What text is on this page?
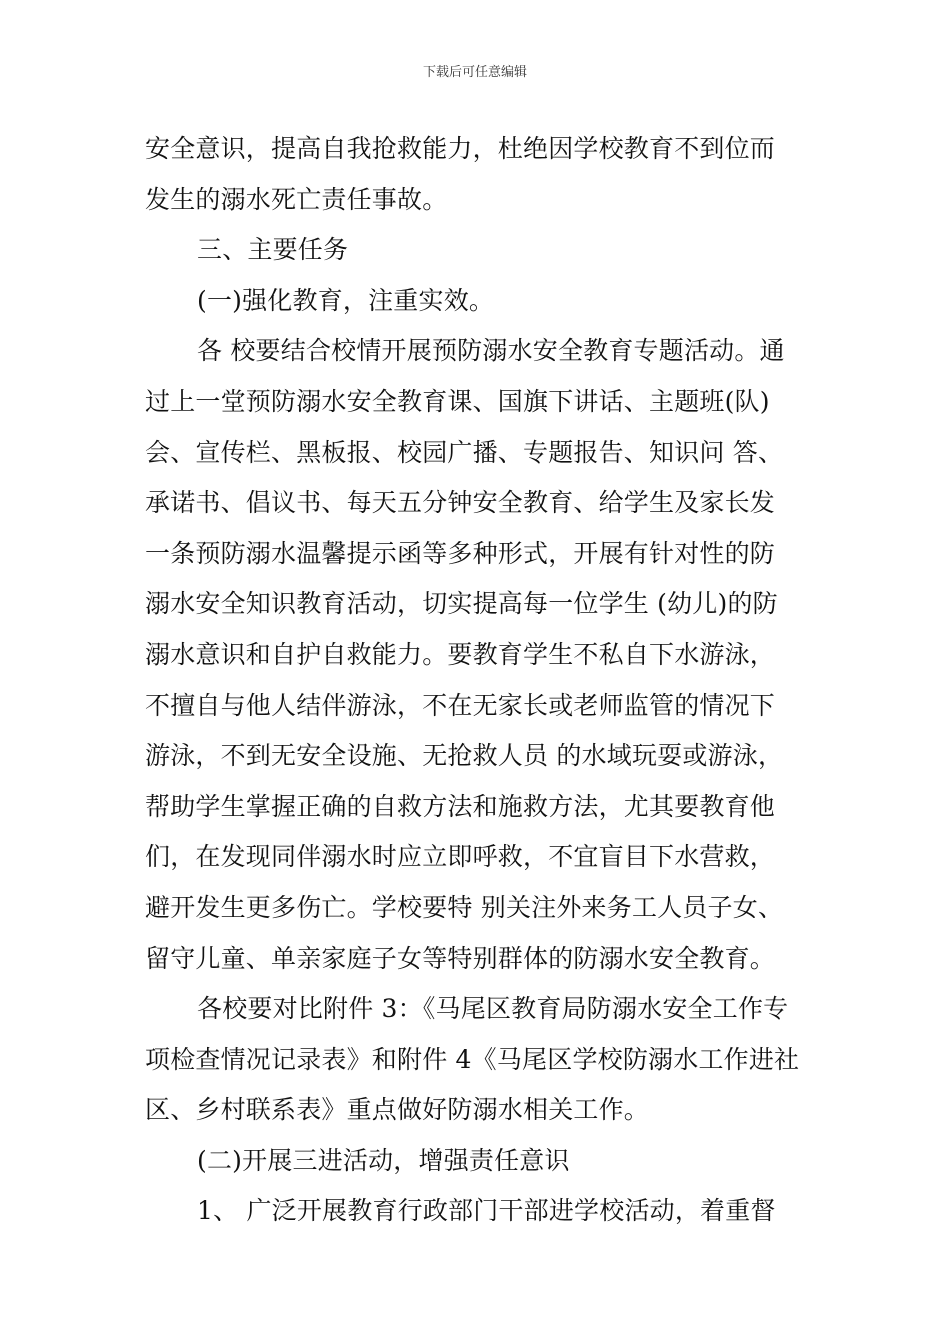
下载后可任意编辑
安全意识，提高自我抢救能力，杜绝因学校教育不到位而
发生的溺水死亡责任事故。
三、主要任务
(一)强化教育，注重实效。
各 校要结合校情开展预防溺水安全教育专题活动。通
过上一堂预防溺水安全教育课、国旗下讲话、主题班(队)
会、宣传栏、黑板报、校园广播、专题报告、知识问 答、
承诺书、倡议书、每天五分钟安全教育、给学生及家长发
一条预防溺水温馨提示函等多种形式，开展有针对性的防
溺水安全知识教育活动，切实提高每一位学生 (幼儿)的防
溺水意识和自护自救能力。要教育学生不私自下水游泳，
不擅自与他人结伴游泳，不在无家长或老师监管的情况下
游泳，不到无安全设施、无抢救人员 的水域玩耍或游泳，
帮助学生掌握正确的自救方法和施救方法，尤其要教育他
们，在发现同伴溺水时应立即呼救，不宜盲目下水营救，
避开发生更多伤亡。学校要特 别关注外来务工人员子女、
留守儿童、单亲家庭子女等特别群体的防溺水安全教育。
各校要对比附件 3：《马尾区教育局防溺水安全工作专
项检查情况记录表》和附件 4《马尾区学校防溺水工作进社
区、乡村联系表》重点做好防溺水相关工作。
(二)开展三进活动，增强责任意识
1、 广泛开展教育行政部门干部进学校活动，着重督
